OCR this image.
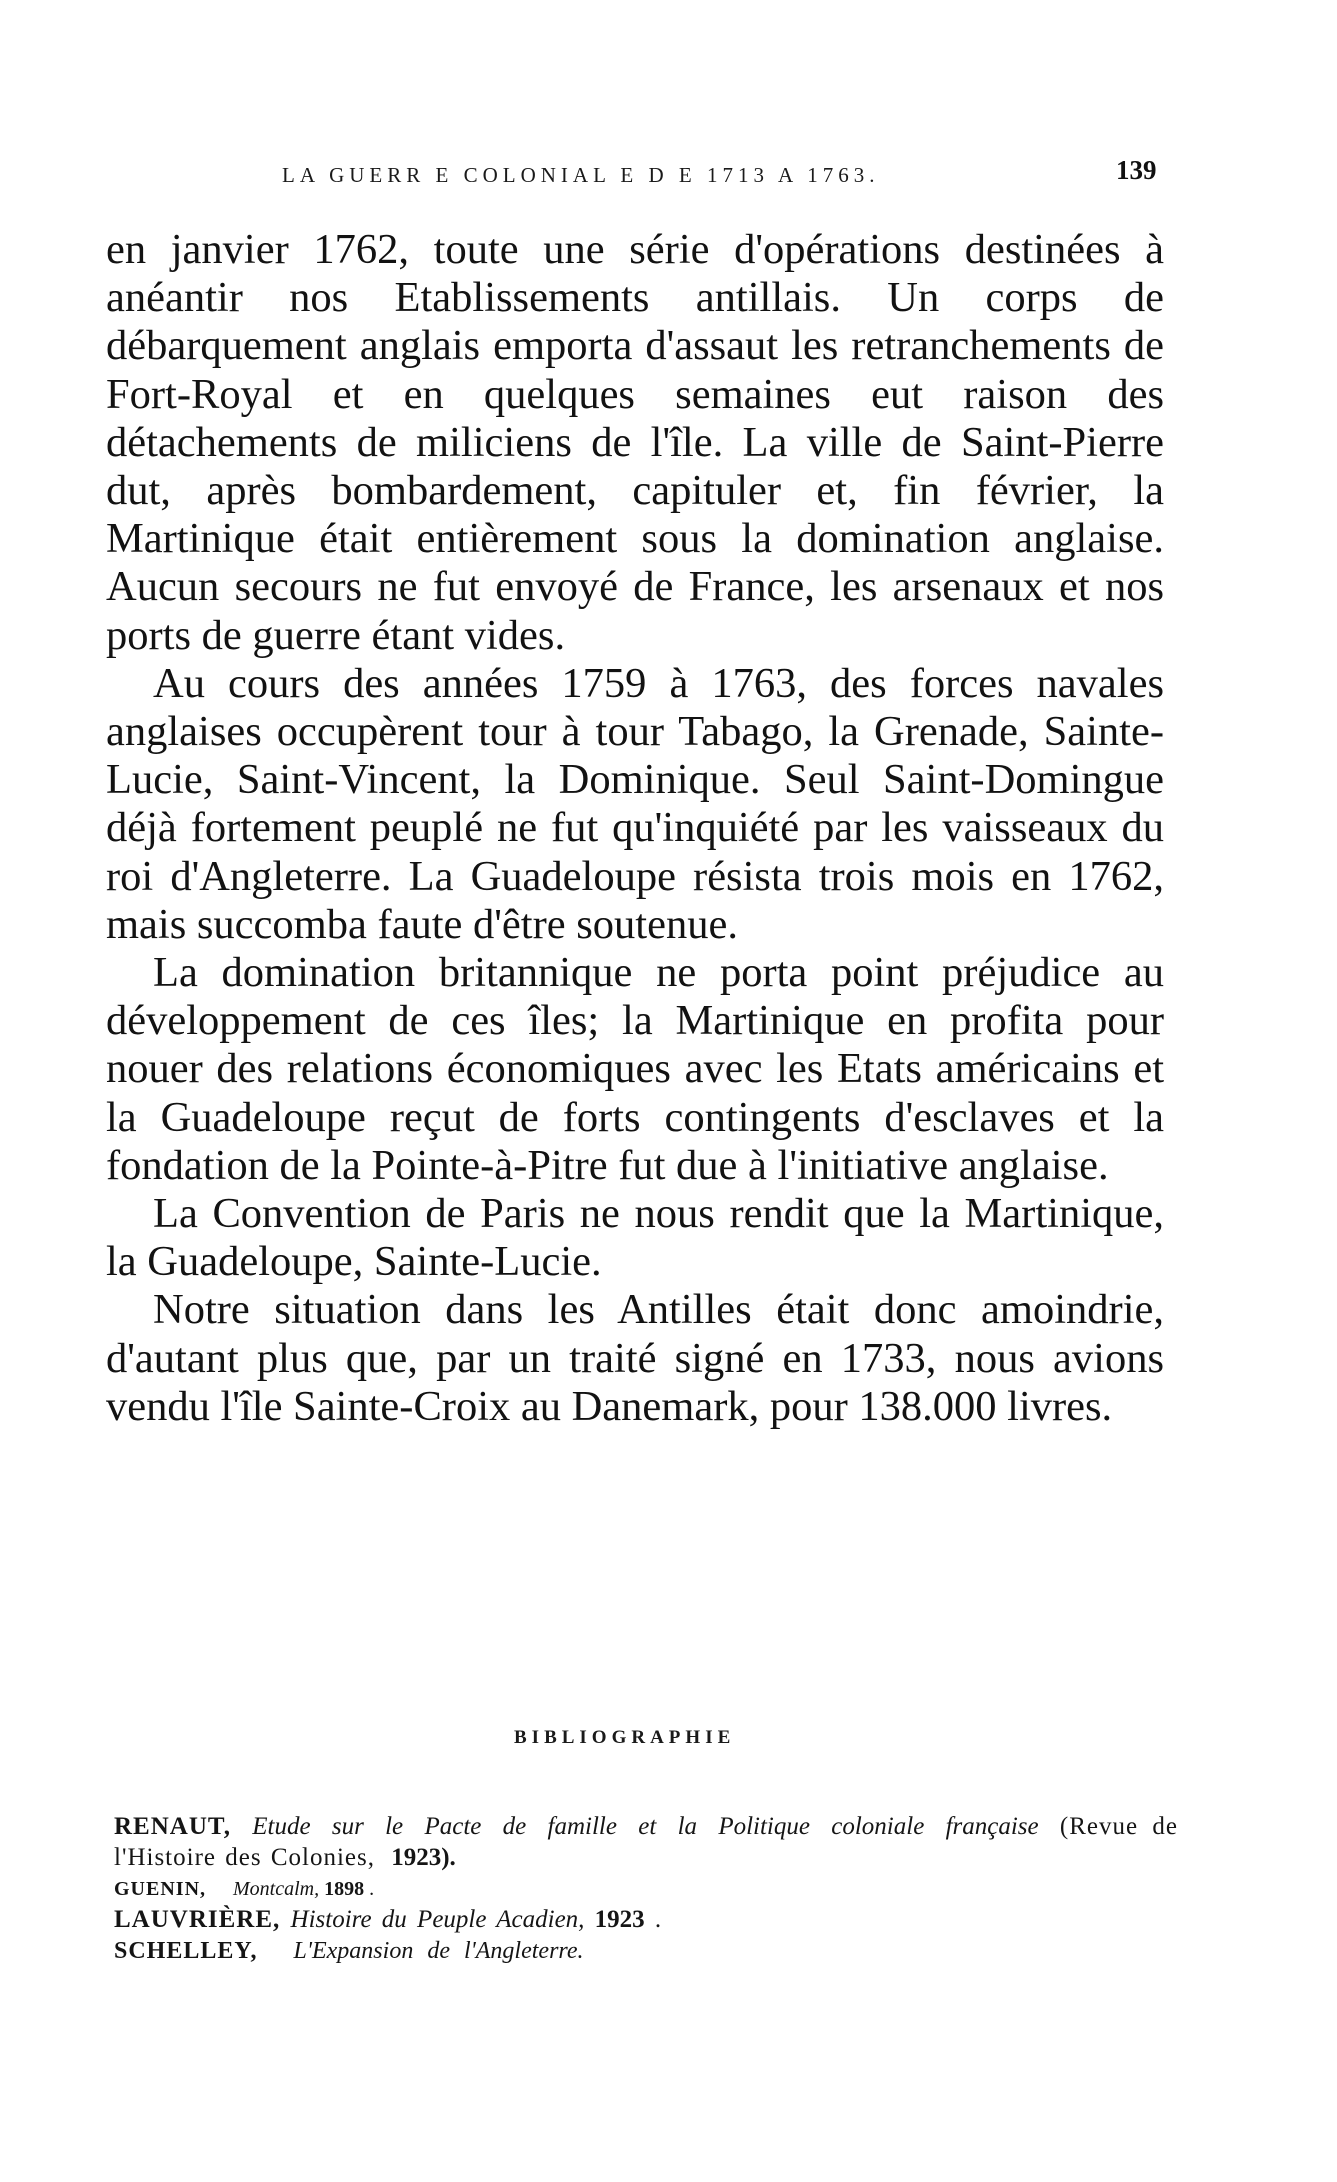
LA GUERR E COLONIAL E D E 1713 A 1763.	139

en janvier 1762, toute une série d'opérations destinées à anéantir nos Etablissements antillais. Un corps de débarquement anglais emporta d'assaut les retranchements de Fort-Royal et en quelques semaines eut raison des détachements de miliciens de l'île. La ville de Saint-Pierre dut, après bombardement, capituler et, fin février, la Martinique était entièrement sous la domination anglaise. Aucun secours ne fut envoyé de France, les arsenaux et nos ports de guerre étant vides.

Au cours des années 1759 à 1763, des forces navales anglaises occupèrent tour à tour Tabago, la Grenade, Sainte-Lucie, Saint-Vincent, la Dominique. Seul Saint-Domingue déjà fortement peuplé ne fut qu'inquiété par les vaisseaux du roi d'Angleterre. La Guadeloupe résista trois mois en 1762, mais succomba faute d'être soutenue.

La domination britannique ne porta point préjudice au développement de ces îles; la Martinique en profita pour nouer des relations économiques avec les Etats américains et la Guadeloupe reçut de forts contingents d'esclaves et la fondation de la Pointe-à-Pitre fut due à l'initiative anglaise.

La Convention de Paris ne nous rendit que la Martinique, la Guadeloupe, Sainte-Lucie.

Notre situation dans les Antilles était donc amoindrie, d'autant plus que, par un traité signé en 1733, nous avions vendu l'île Sainte-Croix au Danemark, pour 138.000 livres.

BIBLIOGRAPHIE
RENAUT, Etude sur le Pacte de famille et la Politique coloniale française (Revue de l'Histoire des Colonies, 1923).
GUENIN, Montcalm, 1898 .
LAUVRIÈRE, Histoire du Peuple Acadien, 1923 .
SCHELLEY, L'Expansion de l'Angleterre.
